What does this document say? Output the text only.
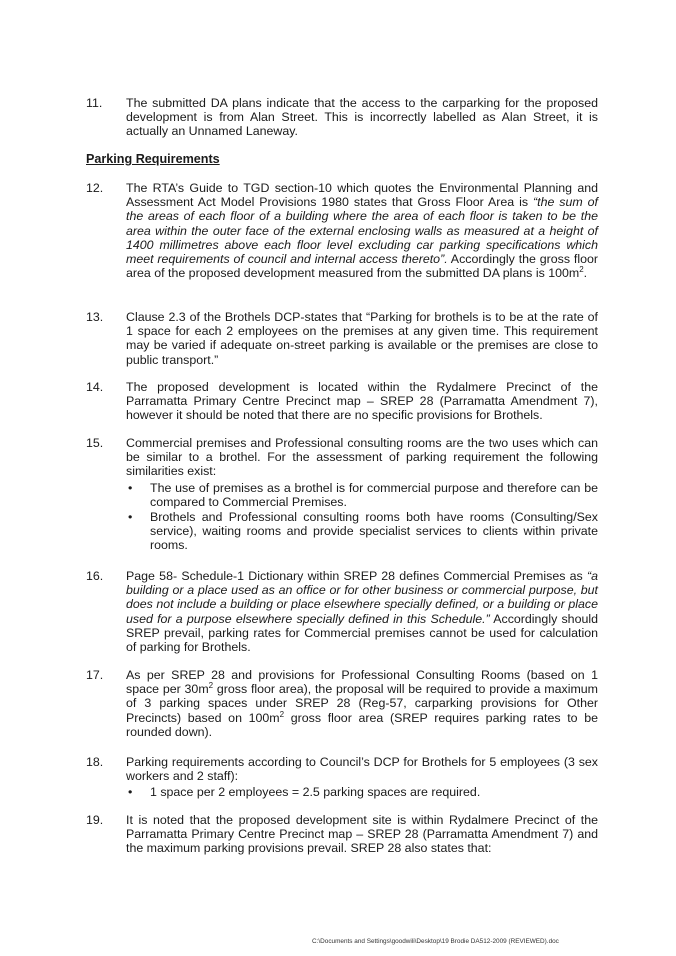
11.	The submitted DA plans indicate that the access to the carparking for the proposed development is from Alan Street. This is incorrectly labelled as Alan Street, it is actually an Unnamed Laneway.
Parking Requirements
12.	The RTA’s Guide to TGD section-10 which quotes the Environmental Planning and Assessment Act Model Provisions 1980 states that Gross Floor Area is “the sum of the areas of each floor of a building where the area of each floor is taken to be the area within the outer face of the external enclosing walls as measured at a height of 1400 millimetres above each floor level excluding car parking specifications which meet requirements of council and internal access thereto”. Accordingly the gross floor area of the proposed development measured from the submitted DA plans is $100m^2$.
13.	Clause 2.3 of the Brothels DCP-states that “Parking for brothels is to be at the rate of 1 space for each 2 employees on the premises at any given time. This requirement may be varied if adequate on-street parking is available or the premises are close to public transport.”
14.	The proposed development is located within the Rydalmere Precinct of the Parramatta Primary Centre Precinct map – SREP 28 (Parramatta Amendment 7), however it should be noted that there are no specific provisions for Brothels.
15.	Commercial premises and Professional consulting rooms are the two uses which can be similar to a brothel. For the assessment of parking requirement the following similarities exist:
• The use of premises as a brothel is for commercial purpose and therefore can be compared to Commercial Premises.
• Brothels and Professional consulting rooms both have rooms (Consulting/Sex service), waiting rooms and provide specialist services to clients within private rooms.
16.	Page 58- Schedule-1 Dictionary within SREP 28 defines Commercial Premises as “a building or a place used as an office or for other business or commercial purpose, but does not include a building or place elsewhere specially defined, or a building or place used for a purpose elsewhere specially defined in this Schedule.” Accordingly should SREP prevail, parking rates for Commercial premises cannot be used for calculation of parking for Brothels.
17.	As per SREP 28 and provisions for Professional Consulting Rooms (based on 1 space per $30m^2$ gross floor area), the proposal will be required to provide a maximum of 3 parking spaces under SREP 28 (Reg-57, carparking provisions for Other Precincts) based on $100m^2$ gross floor area (SREP requires parking rates to be rounded down).
18.	Parking requirements according to Council’s DCP for Brothels for 5 employees (3 sex workers and 2 staff):
• 1 space per 2 employees = 2.5 parking spaces are required.
19.	It is noted that the proposed development site is within Rydalmere Precinct of the Parramatta Primary Centre Precinct map – SREP 28 (Parramatta Amendment 7) and the maximum parking provisions prevail. SREP 28 also states that:
C:\Documents and Settings\goodwili\Desktop\19 Brodie DA512-2009 (REVIEWED).doc
